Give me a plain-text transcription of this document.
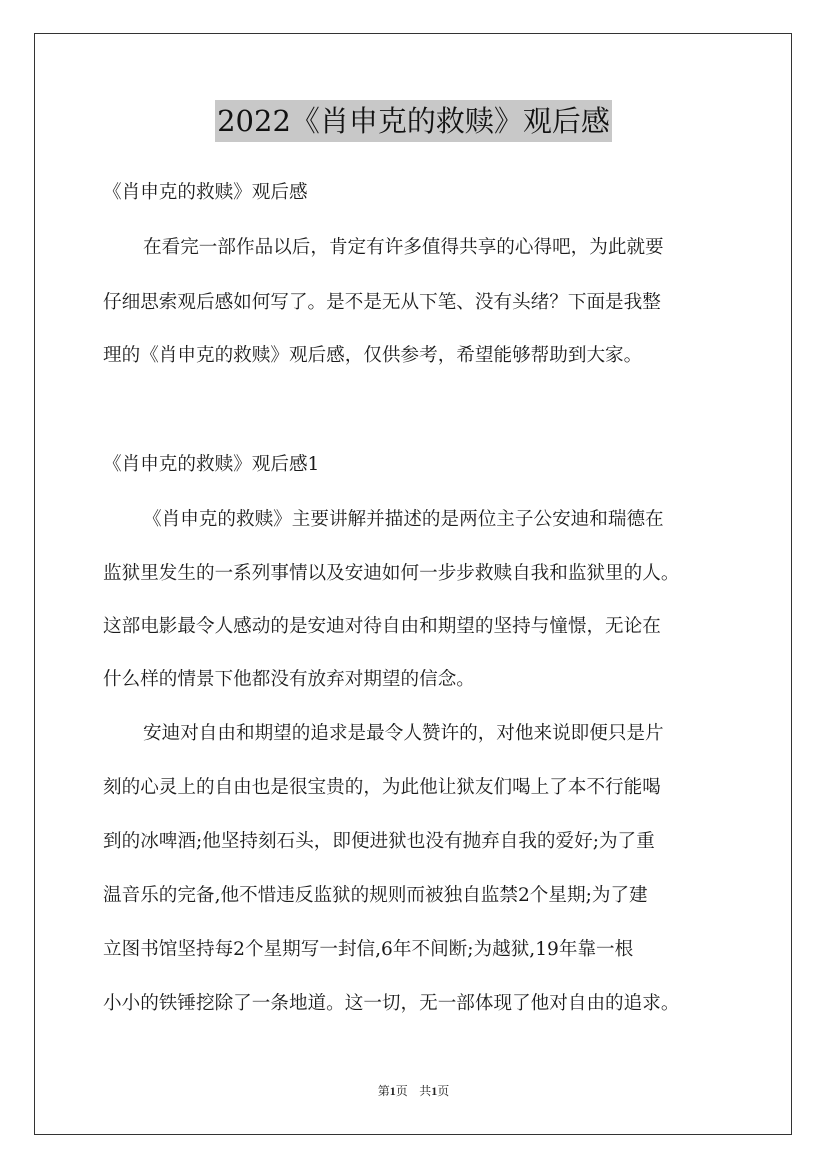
2022《肖申克的救赎》观后感
《肖申克的救赎》观后感
在看完一部作品以后，肯定有许多值得共享的心得吧，为此就要
仔细思索观后感如何写了。是不是无从下笔、没有头绪？下面是我整
理的《肖申克的救赎》观后感，仅供参考，希望能够帮助到大家。
《肖申克的救赎》观后感1
《肖申克的救赎》主要讲解并描述的是两位主子公安迪和瑞德在
监狱里发生的一系列事情以及安迪如何一步步救赎自我和监狱里的人。
这部电影最令人感动的是安迪对待自由和期望的坚持与憧憬，无论在
什么样的情景下他都没有放弃对期望的信念。
安迪对自由和期望的追求是最令人赞许的，对他来说即便只是片
刻的心灵上的自由也是很宝贵的，为此他让狱友们喝上了本不行能喝
到的冰啤酒;他坚持刻石头，即便进狱也没有抛弃自我的爱好;为了重
温音乐的完备,他不惜违反监狱的规则而被独自监禁2个星期;为了建
立图书馆坚持每2个星期写一封信,6年不间断;为越狱,19年靠一根
小小的铁锤挖除了一条地道。这一切，无一部体现了他对自由的追求。
第1页   共1页
